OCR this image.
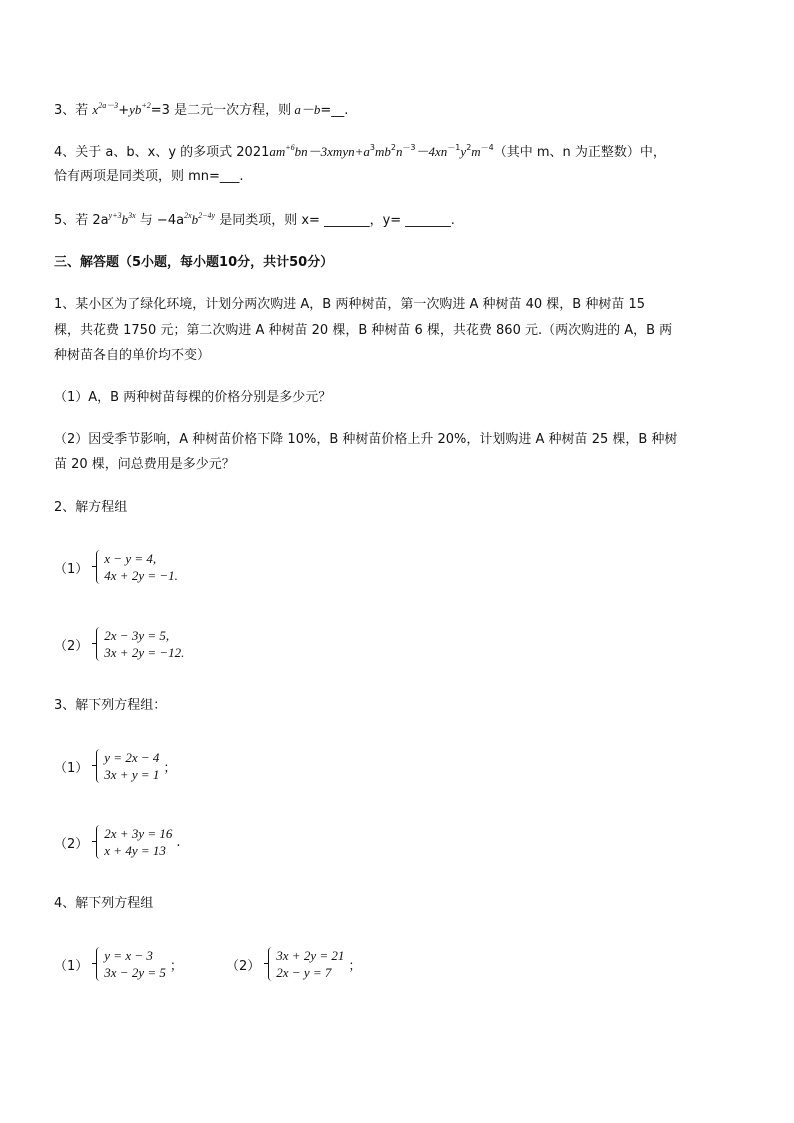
3、若 $x^{2a-3}+yb^{+2}=3$ 是二元一次方程，则 a－b=__.
4、关于 a、b、x、y 的多项式 $2021am^{+6}bn-3xmyn+a^3mb^2n^{-3}-4xn^{-1}y^2m^{-4}$（其中 m、n 为正整数）中，
恰有两项是同类项，则 mn=___.
5、若 $2a^{y+3}b^{3x}$ 与 $-4a^{2x}b^{2-4y}$ 是同类项，则 x= _______，y= _______.
三、解答题（5小题，每小题10分，共计50分）
1、某小区为了绿化环境，计划分两次购进 A，B 两种树苗，第一次购进 A 种树苗 40 棵，B 种树苗 15
棵，共花费 1750 元；第二次购进 A 种树苗 20 棵，B 种树苗 6 棵，共花费 860 元.（两次购进的 A，B 两
种树苗各自的单价均不变）
（1）A，B 两种树苗每棵的价格分别是多少元？
（2）因受季节影响，A 种树苗价格下降 10%，B 种树苗价格上升 20%，计划购进 A 种树苗 25 棵，B 种树
苗 20 棵，问总费用是多少元？
2、解方程组
（1）
x − y = 4,
4x + 2y = −1.
（2）
2x − 3y = 5,
3x + 2y = −12.
3、解下列方程组：
（1）
y = 2x − 4
3x + y = 1 ；
（2）
2x + 3y = 16
x + 4y = 13
.
4、解下列方程组
（1）
y = x − 3
3x − 2y = 5 ；	（2）
3x + 2y = 21
2x − y = 7	；
